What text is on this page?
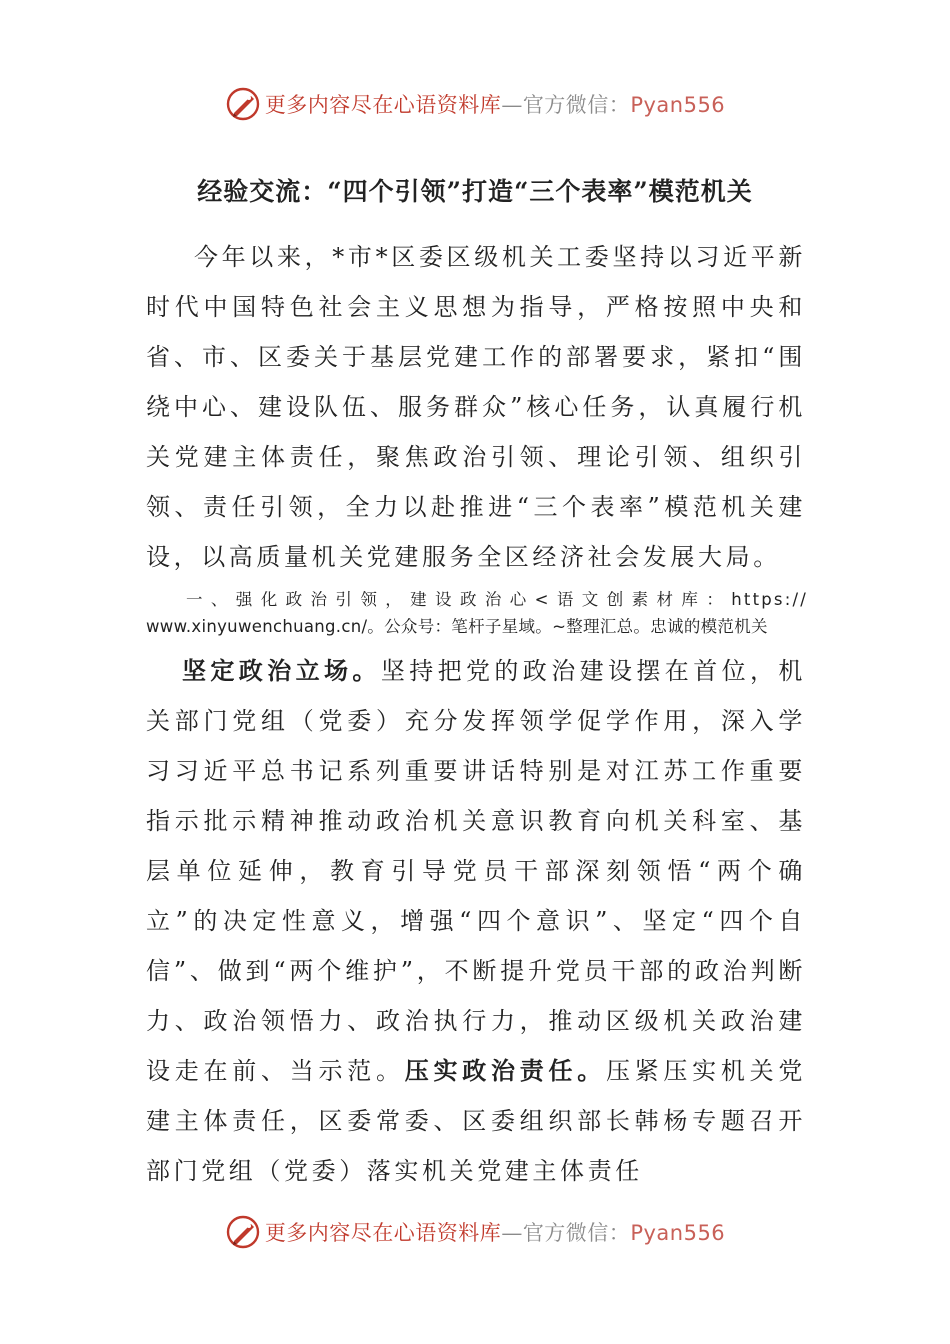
更多内容尽在心语资料库—官方微信：Pyan556
经验交流：“四个引领”打造“三个表率”模范机关
今年以来，*市*区委区级机关工委坚持以习近平新时代中国特色社会主义思想为指导，严格按照中央和省、市、区委关于基层党建工作的部署要求，紧扣“围绕中心、建设队伍、服务群众”核心任务，认真履行机关党建主体责任，聚焦政治引领、理论引领、组织引领、责任引领，全力以赴推进“三个表率”模范机关建设，以高质量机关党建服务全区经济社会发展大局。
一、强化政治引领，建设政治心<语文创素材库：https://
www.xinyuwenchuang.cn/。公众号：笔杆子星域。~整理汇总。忠诚的模范机关
坚定政治立场。坚持把党的政治建设摆在首位，机关部门党组（党委）充分发挥领学促学作用，深入学习习近平总书记系列重要讲话特别是对江苏工作重要指示批示精神推动政治机关意识教育向机关科室、基层单位延伸，教育引导党员干部深刻领悟“两个确立”的决定性意义，增强“四个意识”、坚定“四个自信”、做到“两个维护”，不断提升党员干部的政治判断力、政治领悟力、政治执行力，推动区级机关政治建设走在前、当示范。压实政治责任。压紧压实机关党建主体责任，区委常委、区委组织部长韩杨专题召开部门党组（党委）落实机关党建主体责任
更多内容尽在心语资料库—官方微信：Pyan556
